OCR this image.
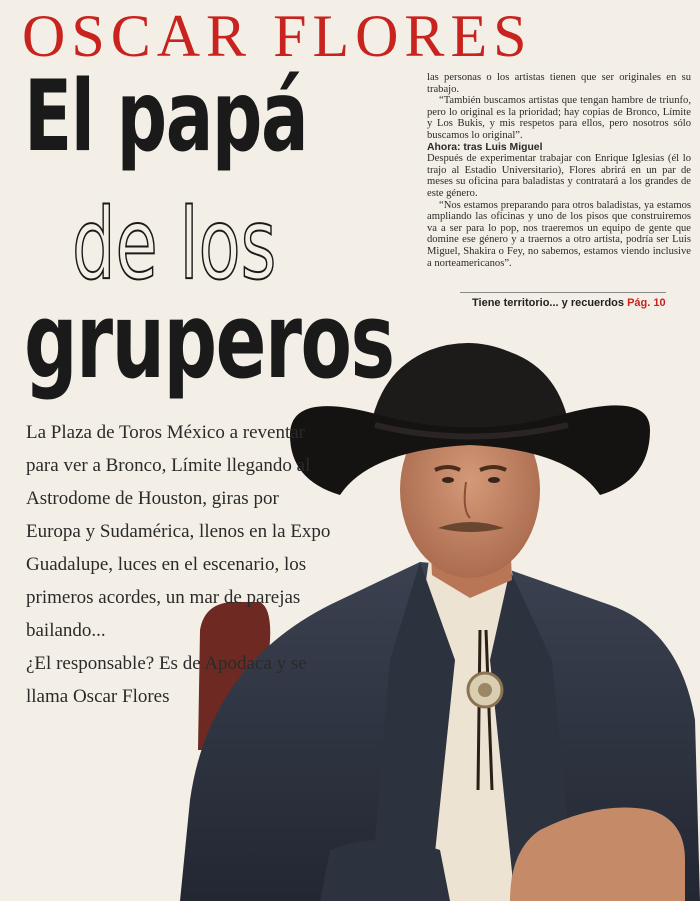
OSCAR FLORES
El papá
de los
gruperos

las personas o los artistas tienen que ser originales en su trabajo.

“También buscamos artistas que tengan hambre de triunfo, pero lo original es la prioridad; hay copias de Bronco, Límite y Los Bukis, y mis respetos para ellos, pero nosotros sólo buscamos lo original”.

Ahora: tras Luis Miguel

Después de experimentar trabajar con Enrique Iglesias (él lo trajo al Estadio Universitario), Flores abrirá en un par de meses su oficina para baladistas y contratará a los grandes de este género.

“Nos estamos preparando para otros baladistas, ya estamos ampliando las oficinas y uno de los pisos que construiremos va a ser para lo pop, nos traeremos un equipo de gente que domine ese género y a traernos a otro artista, podría ser Luis Miguel, Shakira o Fey, no sabemos, estamos viendo inclusive a norteamericanos”.

Tiene territorio... y recuerdos Pág. 10

La Plaza de Toros México a reventar para ver a Bronco, Límite llegando al Astrodome de Houston, giras por Europa y Sudamérica, llenos en la Expo Guadalupe, luces en el escenario, los primeros acordes, un mar de parejas bailando...

¿El responsable? Es de Apodaca y se llama Oscar Flores
